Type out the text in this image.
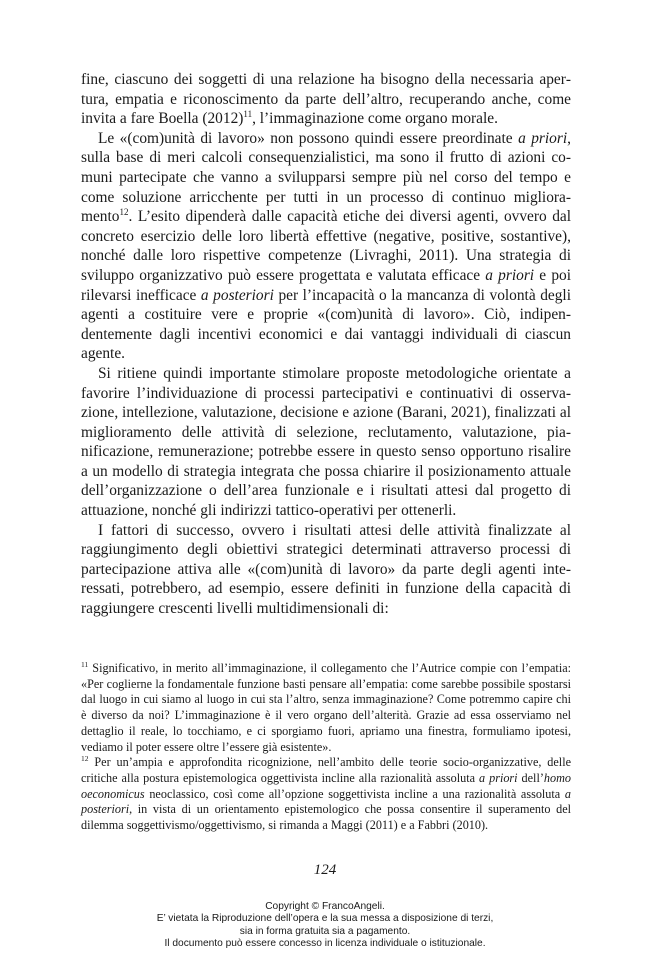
fine, ciascuno dei soggetti di una relazione ha bisogno della necessaria apertura, empatia e riconoscimento da parte dell’altro, recuperando anche, come invita a fare Boella $(2012)^{11}$, l’immaginazione come organo morale.

Le «(com)unità di lavoro» non possono quindi essere preordinate a priori, sulla base di meri calcoli consequenzialistici, ma sono il frutto di azioni comuni partecipate che vanno a svilupparsi sempre più nel corso del tempo e come soluzione arricchente per tutti in un processo di continuo miglioramento$^{12}$. L’esito dipenderà dalle capacità etiche dei diversi agenti, ovvero dal concreto esercizio delle loro libertà effettive (negative, positive, sostantive), nonché dalle loro rispettive competenze (Livraghi, 2011). Una strategia di sviluppo organizzativo può essere progettata e valutata efficace a priori e poi rilevarsi inefficace a posteriori per l’incapacità o la mancanza di volontà degli agenti a costituire vere e proprie «(com)unità di lavoro». Ciò, indipendentemente dagli incentivi economici e dai vantaggi individuali di ciascun agente.

Si ritiene quindi importante stimolare proposte metodologiche orientate a favorire l’individuazione di processi partecipativi e continuativi di osservazione, intellezione, valutazione, decisione e azione (Barani, 2021), finalizzati al miglioramento delle attività di selezione, reclutamento, valutazione, pianificazione, remunerazione; potrebbe essere in questo senso opportuno risalire a un modello di strategia integrata che possa chiarire il posizionamento attuale dell’organizzazione o dell’area funzionale e i risultati attesi dal progetto di attuazione, nonché gli indirizzi tattico-operativi per ottenerli.

I fattori di successo, ovvero i risultati attesi delle attività finalizzate al raggiungimento degli obiettivi strategici determinati attraverso processi di partecipazione attiva alle «(com)unità di lavoro» da parte degli agenti interessati, potrebbero, ad esempio, essere definiti in funzione della capacità di raggiungere crescenti livelli multidimensionali di:

$^{11}$ Significativo, in merito all’immaginazione, il collegamento che l’Autrice compie con l’empatia: «Per coglierne la fondamentale funzione basti pensare all’empatia: come sarebbe possibile spostarsi dal luogo in cui siamo al luogo in cui sta l’altro, senza immaginazione? Come potremmo capire chi è diverso da noi? L’immaginazione è il vero organo dell’alterità. Grazie ad essa osserviamo nel dettaglio il reale, lo tocchiamo, e ci sporgiamo fuori, apriamo una finestra, formuliamo ipotesi, vediamo il poter essere oltre l’essere già esistente».

$^{12}$ Per un’ampia e approfondita ricognizione, nell’ambito delle teorie socio-organizzative, delle critiche alla postura epistemologica oggettivista incline alla razionalità assoluta a priori dell’homo oeconomicus neoclassico, così come all’opzione soggettivista incline a una razionalità assoluta a posteriori, in vista di un orientamento epistemologico che possa consentire il superamento del dilemma soggettivismo/oggettivismo, si rimanda a Maggi (2011) e a Fabbri (2010).

124
Copyright © FrancoAngeli.
E’ vietata la Riproduzione dell’opera e la sua messa a disposizione di terzi,
sia in forma gratuita sia a pagamento.
Il documento può essere concesso in licenza individuale o istituzionale.
